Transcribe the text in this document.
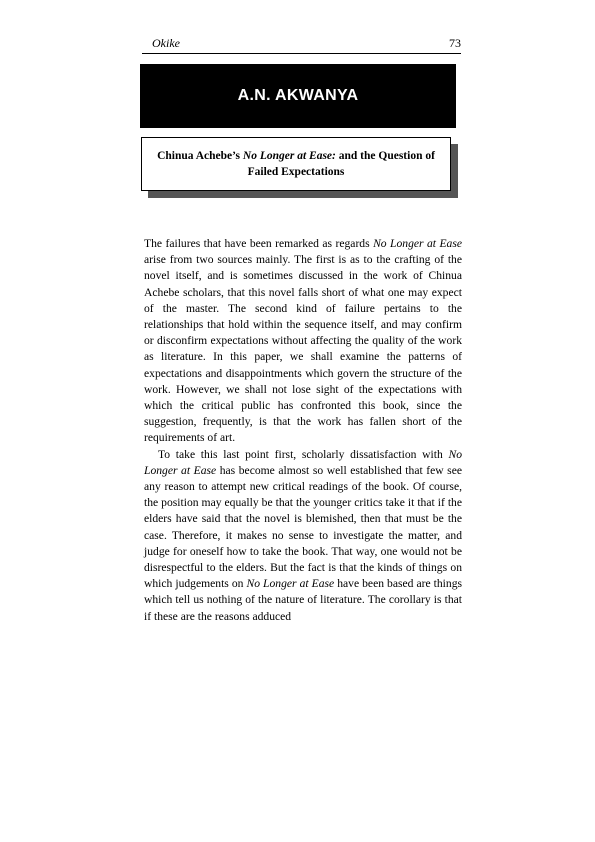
Okike	73
A.N. AKWANYA
Chinua Achebe’s No Longer at Ease: and the Question of Failed Expectations

The failures that have been remarked as regards No Longer at Ease arise from two sources mainly. The first is as to the crafting of the novel itself, and is sometimes discussed in the work of Chinua Achebe scholars, that this novel falls short of what one may expect of the master. The second kind of failure pertains to the relationships that hold within the sequence itself, and may confirm or disconfirm expectations without affecting the quality of the work as literature. In this paper, we shall examine the patterns of expectations and disappointments which govern the structure of the work. However, we shall not lose sight of the expectations with which the critical public has confronted this book, since the suggestion, frequently, is that the work has fallen short of the requirements of art.

To take this last point first, scholarly dissatisfaction with No Longer at Ease has become almost so well established that few see any reason to attempt new critical readings of the book. Of course, the position may equally be that the younger critics take it that if the elders have said that the novel is blemished, then that must be the case. Therefore, it makes no sense to investigate the matter, and judge for oneself how to take the book. That way, one would not be disrespectful to the elders. But the fact is that the kinds of things on which judgements on No Longer at Ease have been based are things which tell us nothing of the nature of literature. The corollary is that if these are the reasons adduced
